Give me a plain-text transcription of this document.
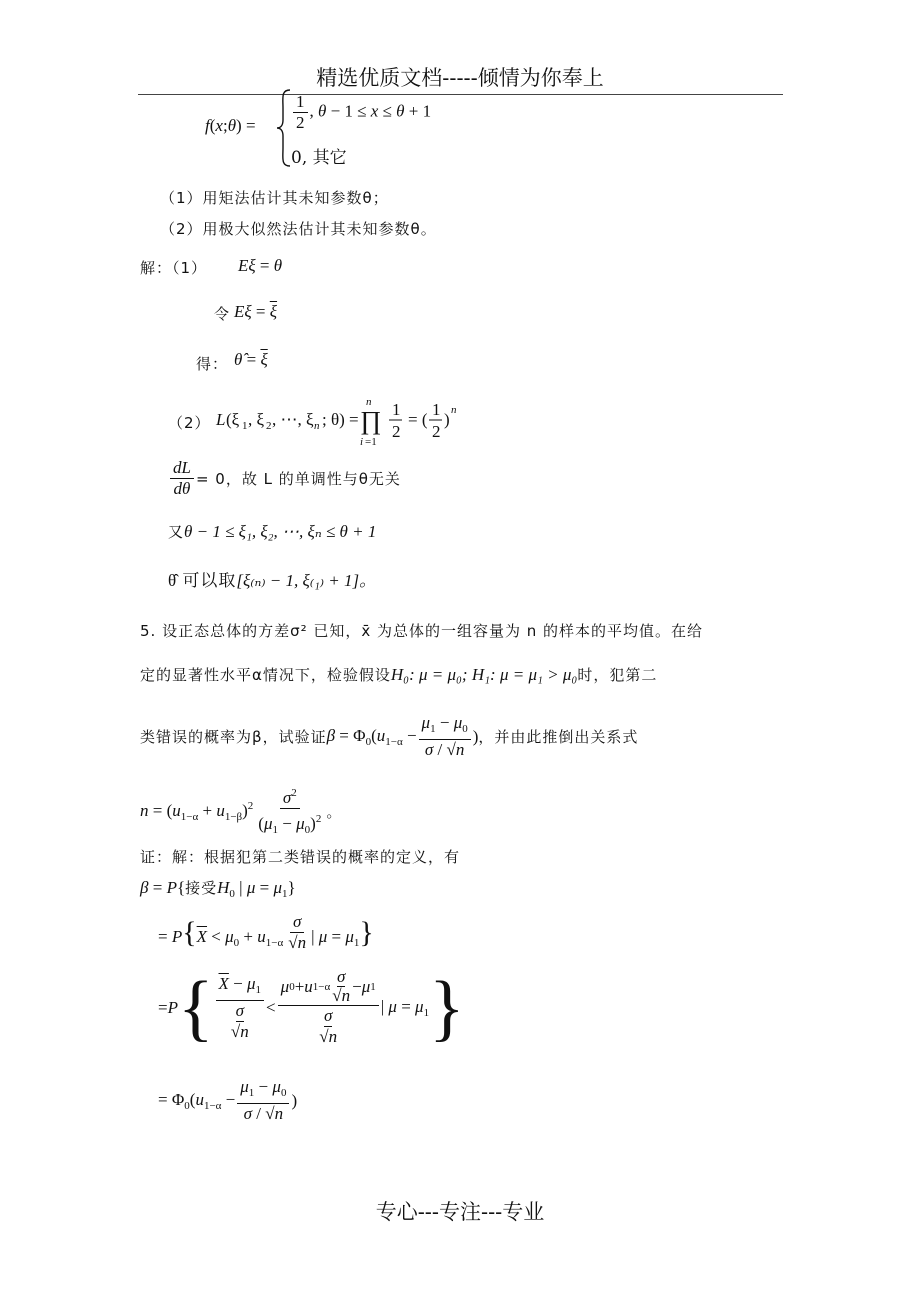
精选优质文档-----倾情为你奉上
f(x;θ) = $\frac{1}{2}$ , θ − 1 ≤ x ≤ θ + 1
0, 其它
（1）用矩法估计其未知参数θ；
（2）用极大似然法估计其未知参数θ。
解：（1） Eξ = θ
令 $E\xi = \overline{\xi}$
得： θ̂ = $\overline{\xi}$
（2） L (ξ 1 , ξ 2 , ⋯, ξ n ; θ) =
n
∏
i =1
1
2
= (
1
2
) n
$\frac{dL}{d\theta} = 0$，故 L 的单调性与θ无关
又θ − 1 ≤ ξ₁, ξ₂, ⋯, ξₙ ≤ θ + 1
θ̂ 可以取[ξ₍ₙ₎ − 1, ξ₍₁₎ + 1]。
5. 设正态总体的方差σ² 已知，x̄ 为总体的一组容量为 n 的样本的平均值。在给
定的显著性水平α情况下，检验假设H₀: μ = μ₀; H₁: μ = μ₁ > μ₀时，犯第二
类错误的概率为β，试验证 $\beta = \Phi_0(u_{1-\alpha} - \frac{\mu_1 - \mu_0}{\sigma / √n}$ ) ，并由此推倒出关系式
$n = (u_{1-\alpha} + u_{1-\beta})^2 \frac{\sigma^2}{(\mu_1 - \mu_0)^2}$ 。
证：解：根据犯第二类错误的概率的定义，有
β = P{接受$H_0$ | $\mu = \mu_1$}
= $P\{\overline{X} < \mu_0 + u_{1-\alpha} \frac{\sigma}{√n}$ | $\mu = \mu_1$}
= P { $\overline{X} - \mu_1$
σ
√n < μ 0 + u 1−α
σ
√n − μ 1
σ
√n | $\mu = \mu_1$ }
= $\Phi_0(u_{1-\alpha} - \frac{\mu_1 - \mu_0}{\sigma / √n}$ )
专心---专注---专业
